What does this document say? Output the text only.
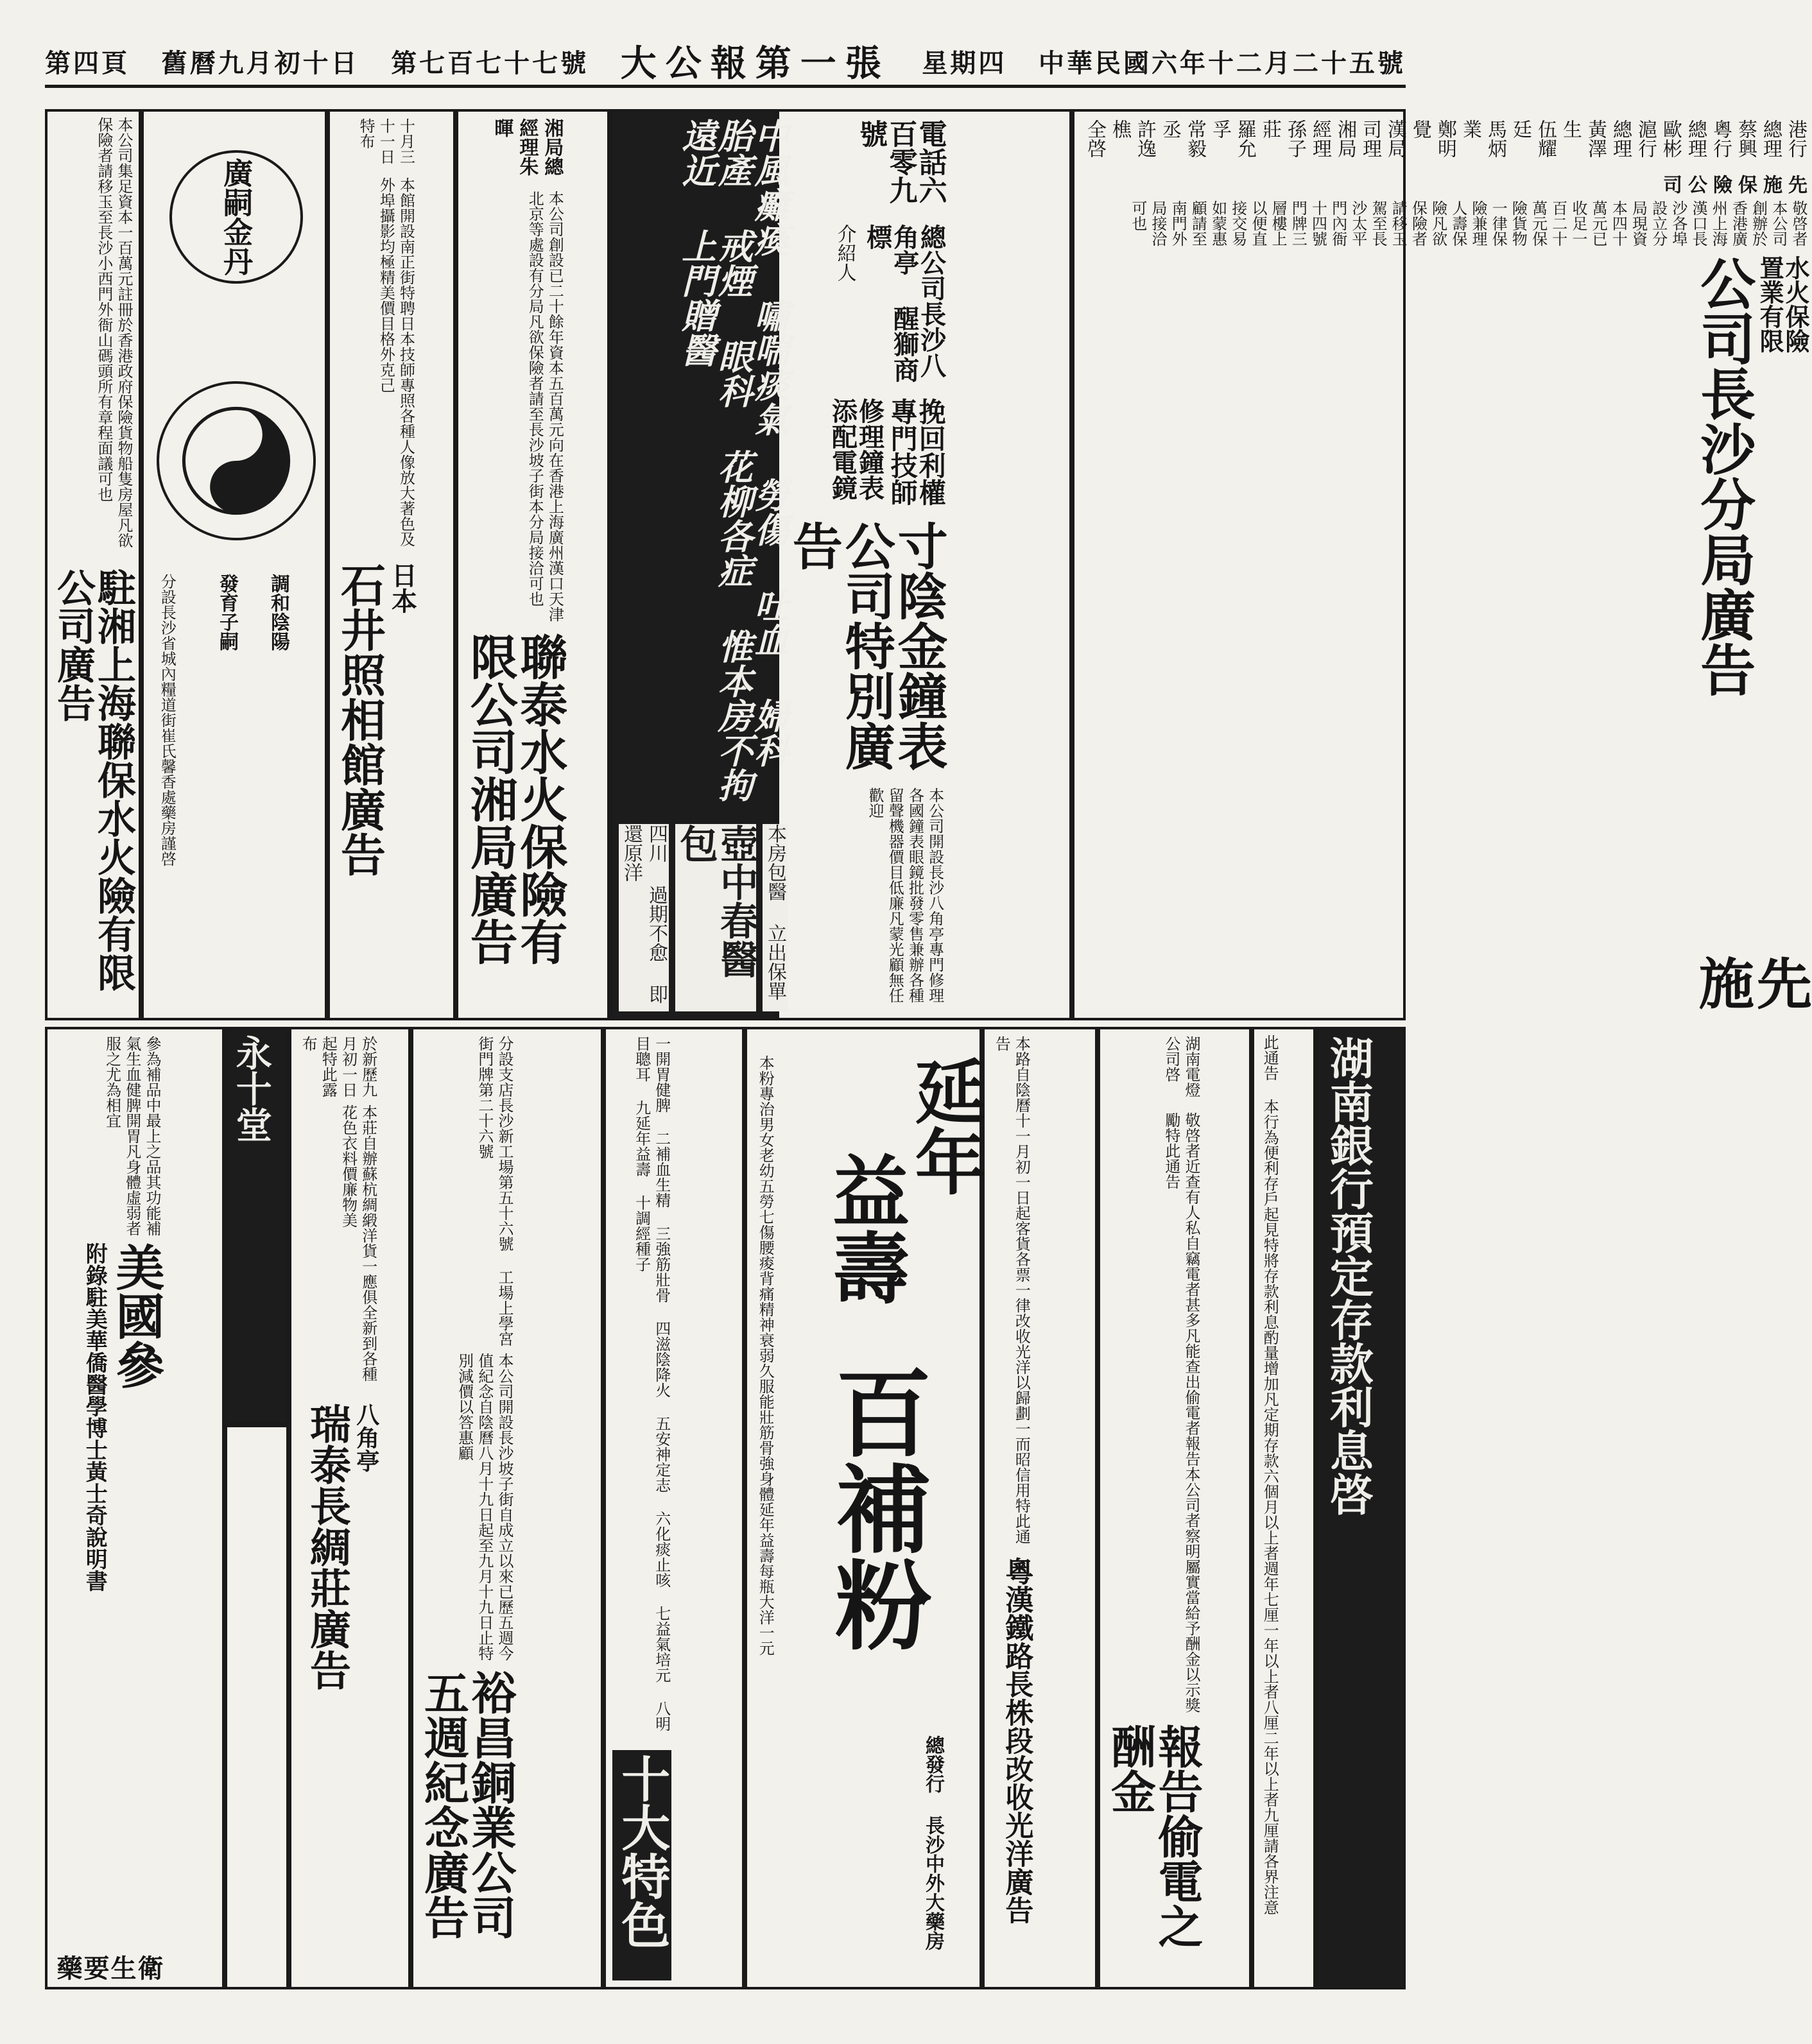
中華民國六年十二月二十五號
星期四
大公報第一張
第七百七十七號
舊曆九月初十日
第四頁
先施
水火保險 置業有限
公司長沙分局廣告
敬啓者本公司創辦於香港廣州上海漢口長沙各埠設立分局現資本四十萬元已收足一百二十萬元保險貨物一律保險兼理人壽保險凡欲保險者請移玉駕至長沙太平門內衙十四號門牌三層樓上以便直接交易如蒙惠顧請至南門外局接洽可也
先施保險公司
港行總理 蔡興 粵行總理 歐彬 滬行總理 黃澤生 伍耀廷 馬炳業 鄭明覺 漢局司理 湘局經理 孫子莊 羅允孚 常毅丞 許逸樵 全啓
本公司開設長沙八角亭專門修理各國鐘表眼鏡批發零售兼辦各種留聲機器價目低廉凡蒙光顧無任歡迎
寸陰金鐘表公司特別廣告
挽回利權專門技師
修理鐘表 添配電鏡
總公司長沙八角亭 醒獅商標
介紹人
電話六百零九號
本房包醫 立出保單
壺中春醫包
四川 過期不愈 即還原洋
中風癱瘓 嘯喘痰氣 勞傷 吐血 婦科 胎產 戒煙 眼科 花柳各症 惟本房不拘遠近 上門贈醫
聯泰水火保險有限公司湘局廣告
本公司創設已二十餘年資本五百萬元向在香港上海廣州漢口天津北京等處設有分局凡欲保險者請至長沙坡子街本分局接洽可也
湘局總經理朱暉
日本
石井照相館廣告
本館開設南正街特聘日本技師專照各種人像放大著色及外埠攝影均極精美價目格外克己
十月三十一日特布
廣嗣金丹
調和陰陽
發育子嗣
分設長沙省城內糧道街崔氏馨香處藥房謹啓
駐湘上海聯保水火險有限公司廣告
本公司集足資本一百萬元註冊於香港政府保險貨物船隻房屋凡欲保險者請移玉至長沙小西門外衙山碼頭所有章程面議可也
湖南銀行預定存款利息啓
此通告 本行為便利存戶起見特將存款利息酌量增加凡定期存款六個月以上者週年七厘一年以上者八厘二年以上者九厘請各界注意
報告偷電之酬金
敬啓者近查有人私自竊電者甚多凡能查出偷電者報告本公司者察明屬實當給予酬金以示獎勵特此通告
湖南電燈公司啓
粵漢鐵路長株段改收光洋廣告
本路自陰曆十一月初一日起客貨各票一律改收光洋以歸劃一而昭信用特此通告
延年
益壽
百補粉
本粉專治男女老幼五勞七傷腰痠背痛精神衰弱久服能壯筋骨強身體延年益壽每瓶大洋一元
總發行 長沙中外大藥房
十大特色
一開胃健脾 二補血生精 三強筋壯骨 四滋陰降火 五安神定志 六化痰止咳 七益氣培元 八明目聰耳 九延年益壽 十調經種子
裕昌銅業公司五週紀念廣告
本公司開設長沙坡子街自成立以來已歷五週今值紀念自陰曆八月十九日起至九月十九日止特別減價以答惠顧
分設支店長沙新工場第五十六號 工場上學宮街門牌第二十六號
八角亭
瑞泰長綢莊廣告
本莊自辦蘇杭綢緞洋貨一應俱全新到各種花色衣料價廉物美
於新歷九月初一日起特此露布
永十堂
衛生要藥
美國參
附錄駐美華僑醫學博士黃士奇說明書
參為補品中最上之品其功能補氣生血健脾開胃凡身體虛弱者服之尤為相宜
